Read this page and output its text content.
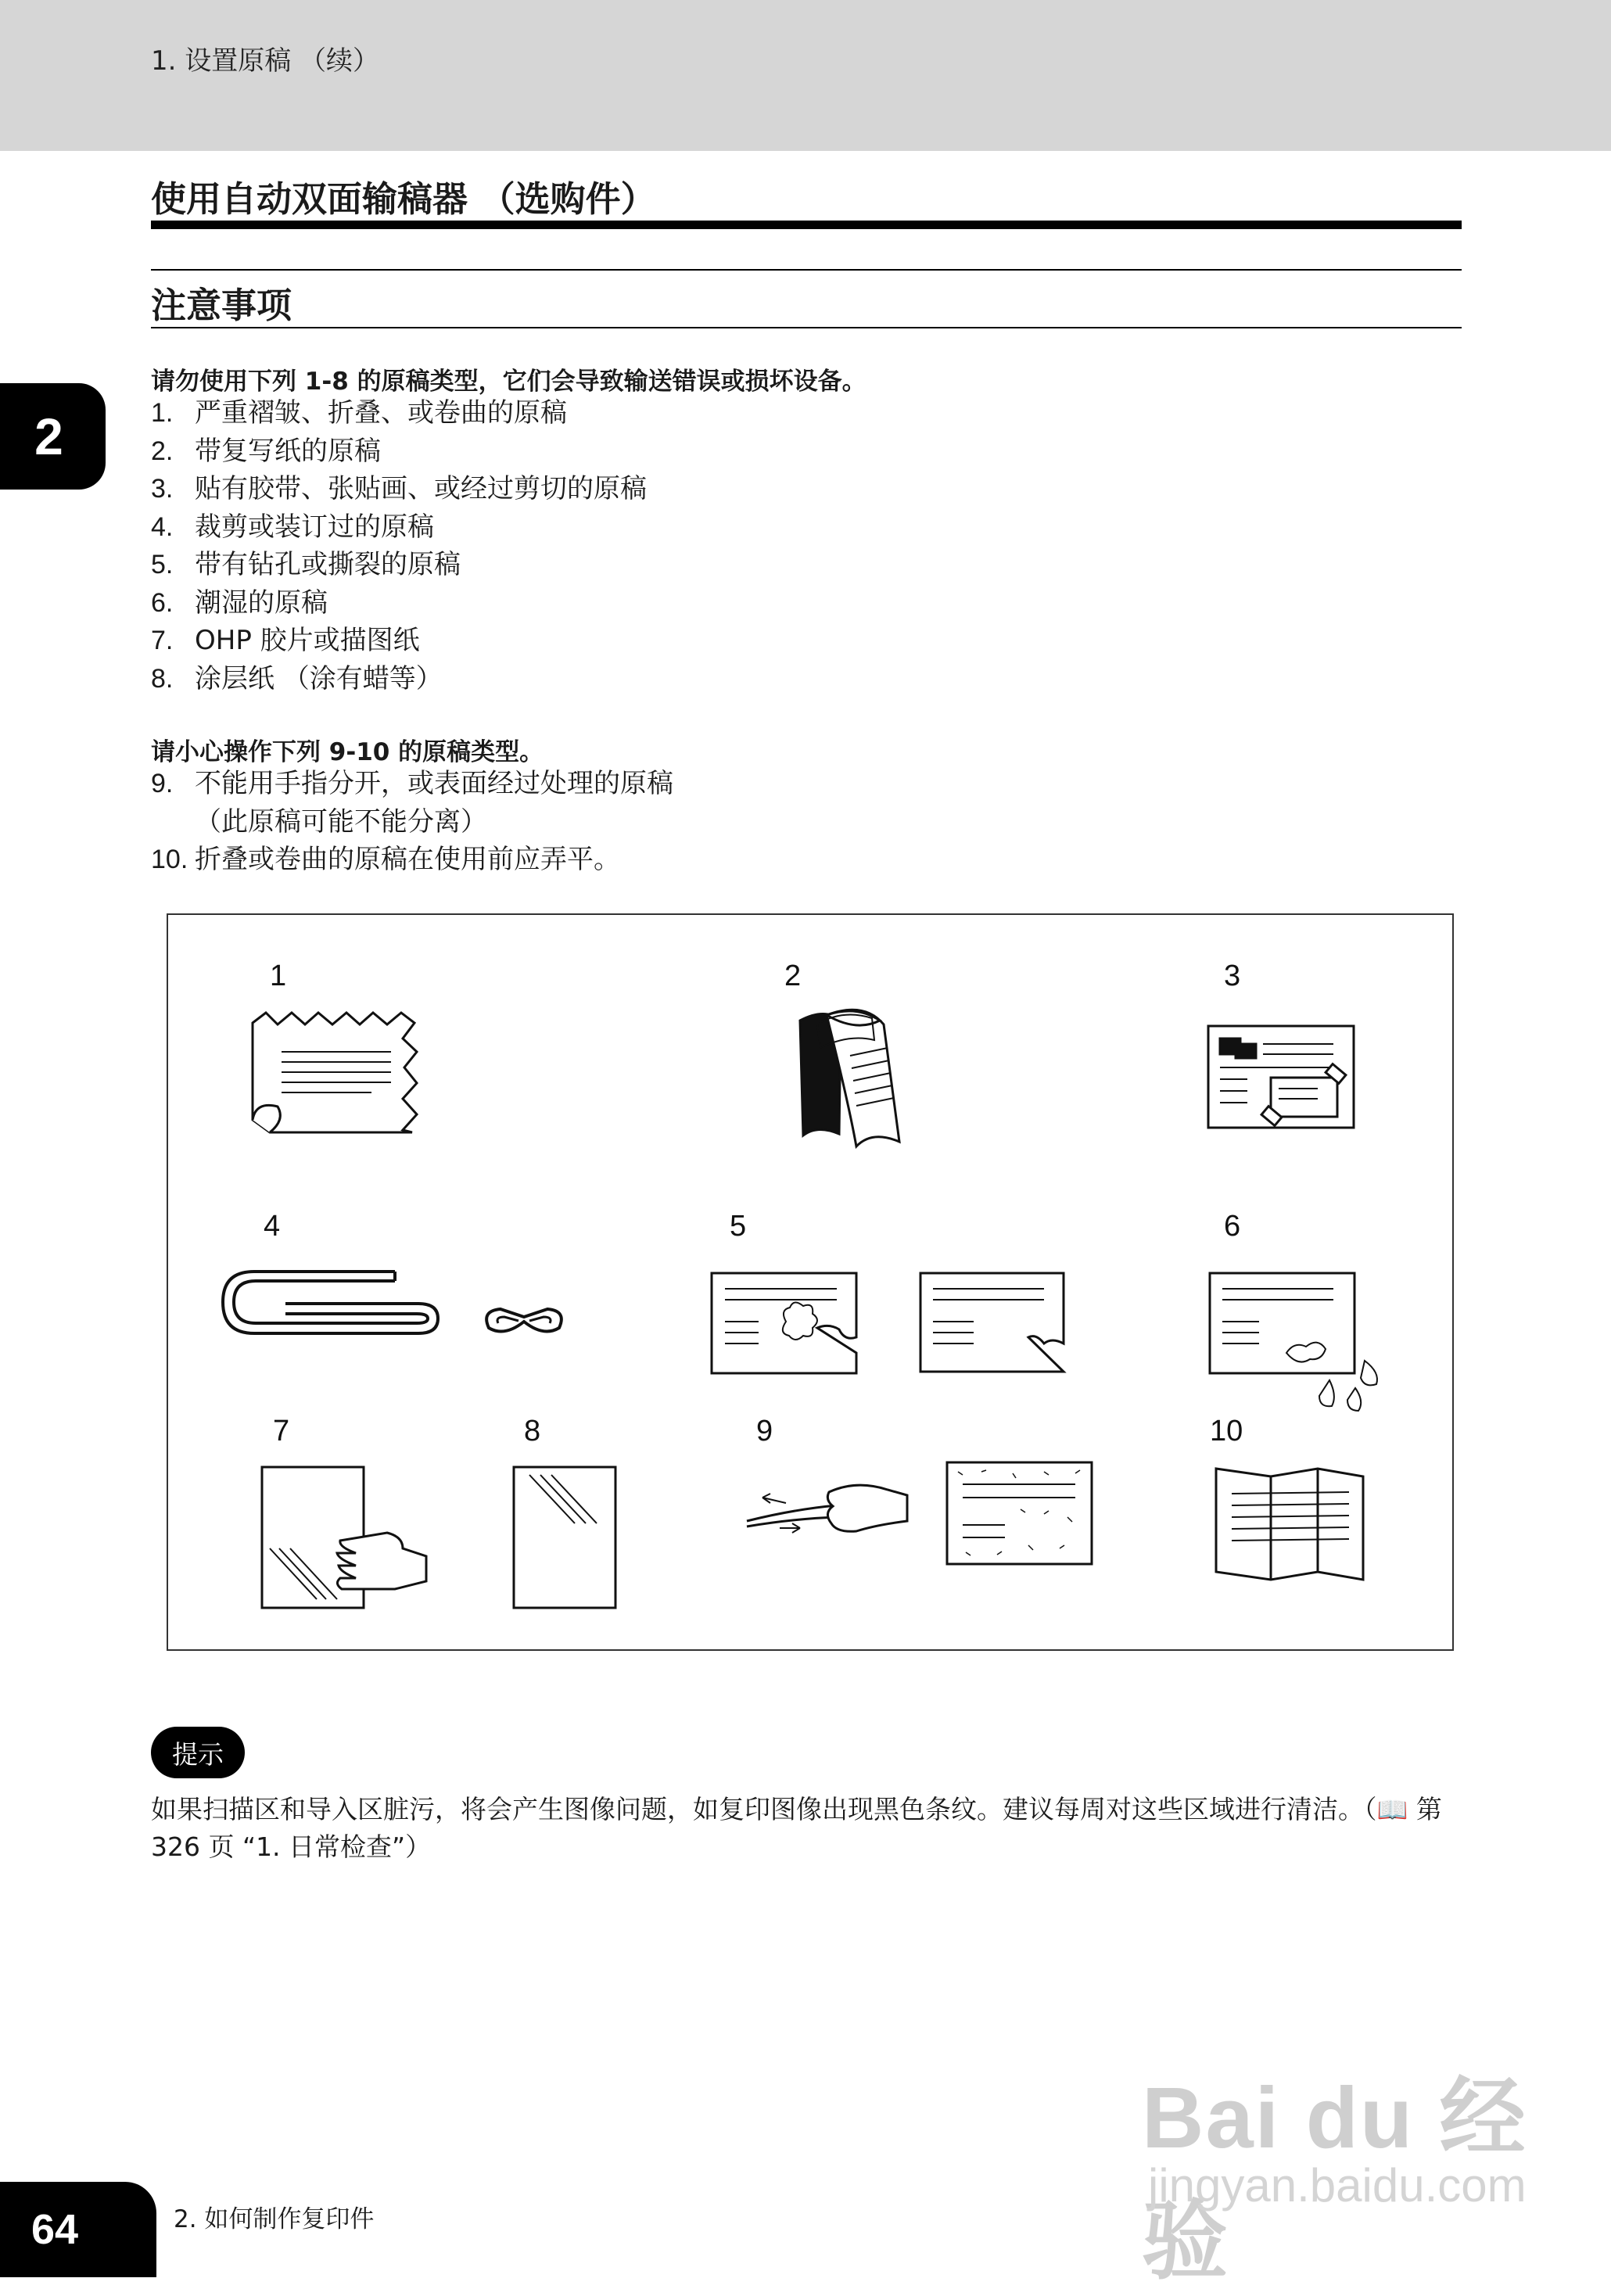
1. 设置原稿 （续）
2
使用自动双面输稿器 （选购件）
注意事项
请勿使用下列 1-8 的原稿类型，它们会导致输送错误或损坏设备。
1. 严重褶皱、折叠、或卷曲的原稿
2. 带复写纸的原稿
3. 贴有胶带、张贴画、或经过剪切的原稿
4. 裁剪或装订过的原稿
5. 带有钻孔或撕裂的原稿
6. 潮湿的原稿
7. OHP 胶片或描图纸
8. 涂层纸 （涂有蜡等）
请小心操作下列 9-10 的原稿类型。
9. 不能用手指分开，或表面经过处理的原稿
（此原稿可能不能分离）
10. 折叠或卷曲的原稿在使用前应弄平。
1	2	3
4	5	6
7	8	9	10
提示
如果扫描区和导入区脏污，将会产生图像问题，如复印图像出现黑色条纹。建议每周对这些区域进行清洁。（📖 第 326 页 “1. 日常检查”）
Bai du 经验
jingyan.baidu.com
64	2. 如何制作复印件
